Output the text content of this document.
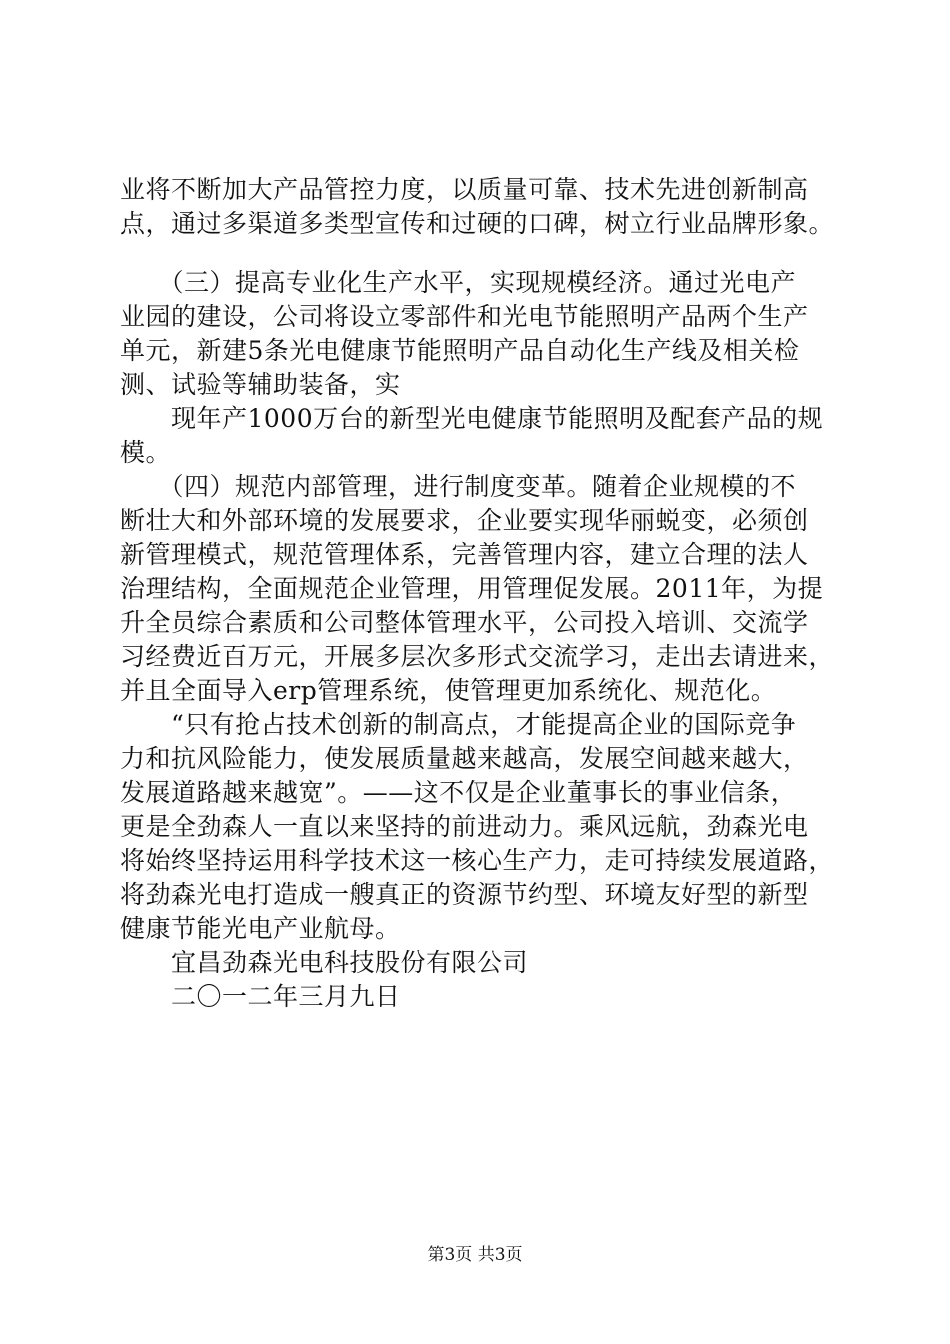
业将不断加大产品管控力度，以质量可靠、技术先进创新制高
点，通过多渠道多类型宣传和过硬的口碑，树立行业品牌形象。
　　（三）提高专业化生产水平，实现规模经济。通过光电产
业园的建设，公司将设立零部件和光电节能照明产品两个生产
单元，新建5条光电健康节能照明产品自动化生产线及相关检
测、试验等辅助装备，实
　　现年产1000万台的新型光电健康节能照明及配套产品的规
模。
　　（四）规范内部管理，进行制度变革。随着企业规模的不
断壮大和外部环境的发展要求，企业要实现华丽蜕变，必须创
新管理模式，规范管理体系，完善管理内容，建立合理的法人
治理结构，全面规范企业管理，用管理促发展。2011年，为提
升全员综合素质和公司整体管理水平，公司投入培训、交流学
习经费近百万元，开展多层次多形式交流学习，走出去请进来，
并且全面导入erp管理系统，使管理更加系统化、规范化。
　　“只有抢占技术创新的制高点，才能提高企业的国际竞争
力和抗风险能力，使发展质量越来越高，发展空间越来越大，
发展道路越来越宽”。——这不仅是企业董事长的事业信条，
更是全劲森人一直以来坚持的前进动力。乘风远航，劲森光电
将始终坚持运用科学技术这一核心生产力，走可持续发展道路，
将劲森光电打造成一艘真正的资源节约型、环境友好型的新型
健康节能光电产业航母。
　　宜昌劲森光电科技股份有限公司
　　二〇一二年三月九日
第3页 共3页
